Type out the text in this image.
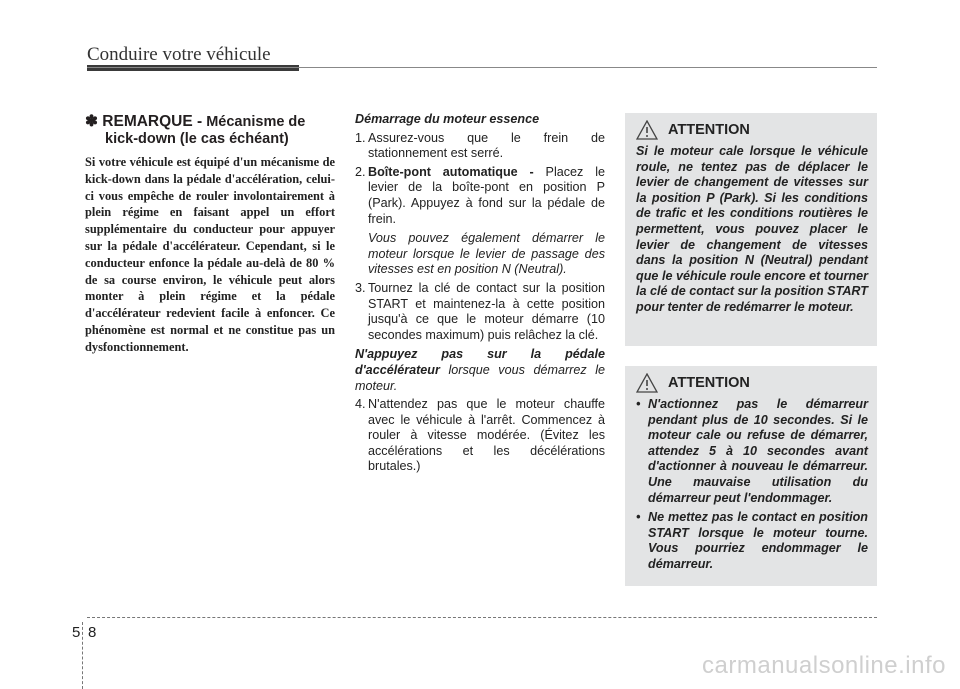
Conduire votre véhicule
✽ REMARQUE - Mécanisme de
kick-down (le cas échéant)
Si votre véhicule est équipé d'un mécanisme de kick-down dans la pédale d'accélération, celui-ci vous empêche de rouler involontairement à plein régime en faisant appel un effort supplémentaire du conducteur pour appuyer sur la pédale d'accélérateur. Cependant, si le conducteur enfonce la pédale au-delà de 80 % de sa course environ, le véhicule peut alors monter à plein régime et la pédale d'accélérateur redevient facile à enfoncer. Ce phénomène est normal et ne constitue pas un dysfonctionnement.
Démarrage du moteur essence
1. Assurez-vous que le frein de stationnement est serré.
2. Boîte-pont automatique - Placez le levier de la boîte-pont en position P (Park). Appuyez à fond sur la pédale de frein.
Vous pouvez également démarrer le moteur lorsque le levier de passage des vitesses est en position N (Neutral).
3. Tournez la clé de contact sur la position START et maintenez-la à cette position jusqu'à ce que le moteur démarre (10 secondes maximum) puis relâchez la clé.
N'appuyez pas sur la pédale d'accélérateur lorsque vous démarrez le moteur.
4. N'attendez pas que le moteur chauffe avec le véhicule à l'arrêt. Commencez à rouler à vitesse modérée. (Évitez les accélérations et les décélérations brutales.)
ATTENTION
Si le moteur cale lorsque le véhicule roule, ne tentez pas de déplacer le levier de changement de vitesses sur la position P (Park). Si les conditions de trafic et les conditions routières le permettent, vous pouvez placer le levier de changement de vitesses dans la position N (Neutral) pendant que le véhicule roule encore et tourner la clé de contact sur la position START pour tenter de redémarrer le moteur.
ATTENTION
• N'actionnez pas le démarreur pendant plus de 10 secondes. Si le moteur cale ou refuse de démarrer, attendez 5 à 10 secondes avant d'actionner à nouveau le démarreur. Une mauvaise utilisation du démarreur peut l'endommager.
• Ne mettez pas le contact en position START lorsque le moteur tourne. Vous pourriez endommager le démarreur.
5 8
carmanualsonline.info
